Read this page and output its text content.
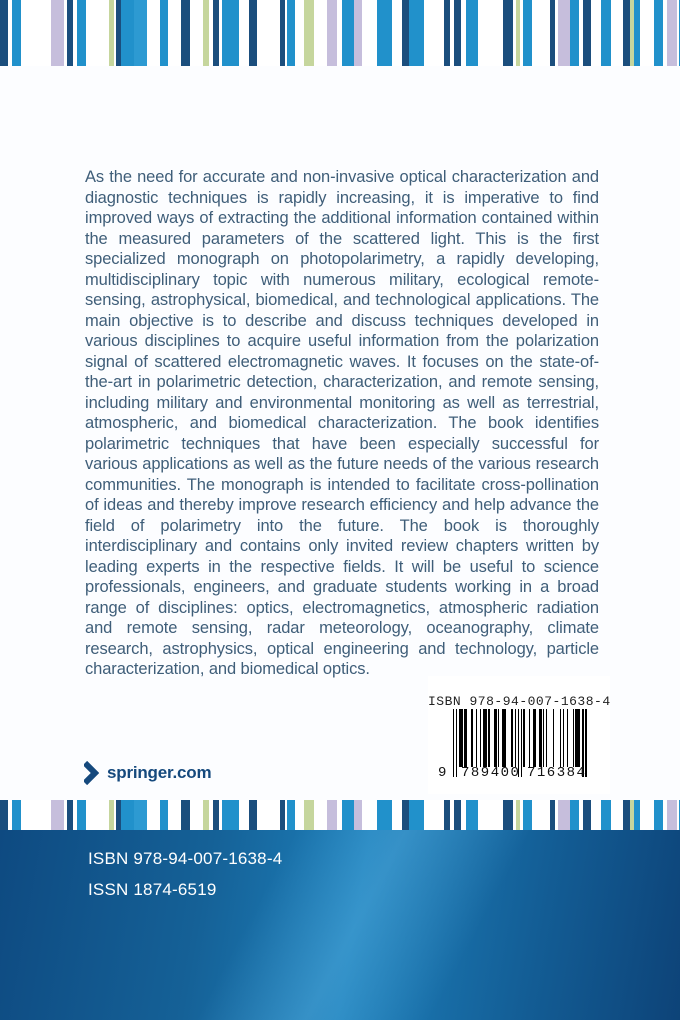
As the need for accurate and non-invasive optical characterization and diagnostic techniques is rapidly increasing, it is imperative to find improved ways of extracting the additional information contained within the measured parameters of the scattered light. This is the first specialized monograph on photopolarimetry, a rapidly developing, multidisciplinary topic with numerous military, ecological remote-sensing, astrophysical, biomedical, and technological applications. The main objective is to describe and discuss techniques developed in various disciplines to acquire useful information from the polarization signal of scattered electromagnetic waves. It focuses on the state-of-the-art in polarimetric detection, characterization, and remote sensing, including military and environmental monitoring as well as terrestrial, atmospheric, and biomedical characterization. The book identifies polarimetric techniques that have been especially successful for various applications as well as the future needs of the various research communities. The monograph is intended to facilitate cross-pollination of ideas and thereby improve research efficiency and help advance the field of polarimetry into the future. The book is thoroughly interdisciplinary and contains only invited review chapters written by leading experts in the respective fields. It will be useful to science professionals, engineers, and graduate students working in a broad range of disciplines: optics, electromagnetics, atmospheric radiation and remote sensing, radar meteorology, oceanography, climate research, astrophysics, optical engineering and technology, particle characterization, and biomedical optics.

ISBN 978-94-007-1638-4
9 789400 716384
springer.com
ISBN 978-94-007-1638-4
ISSN 1874-6519
